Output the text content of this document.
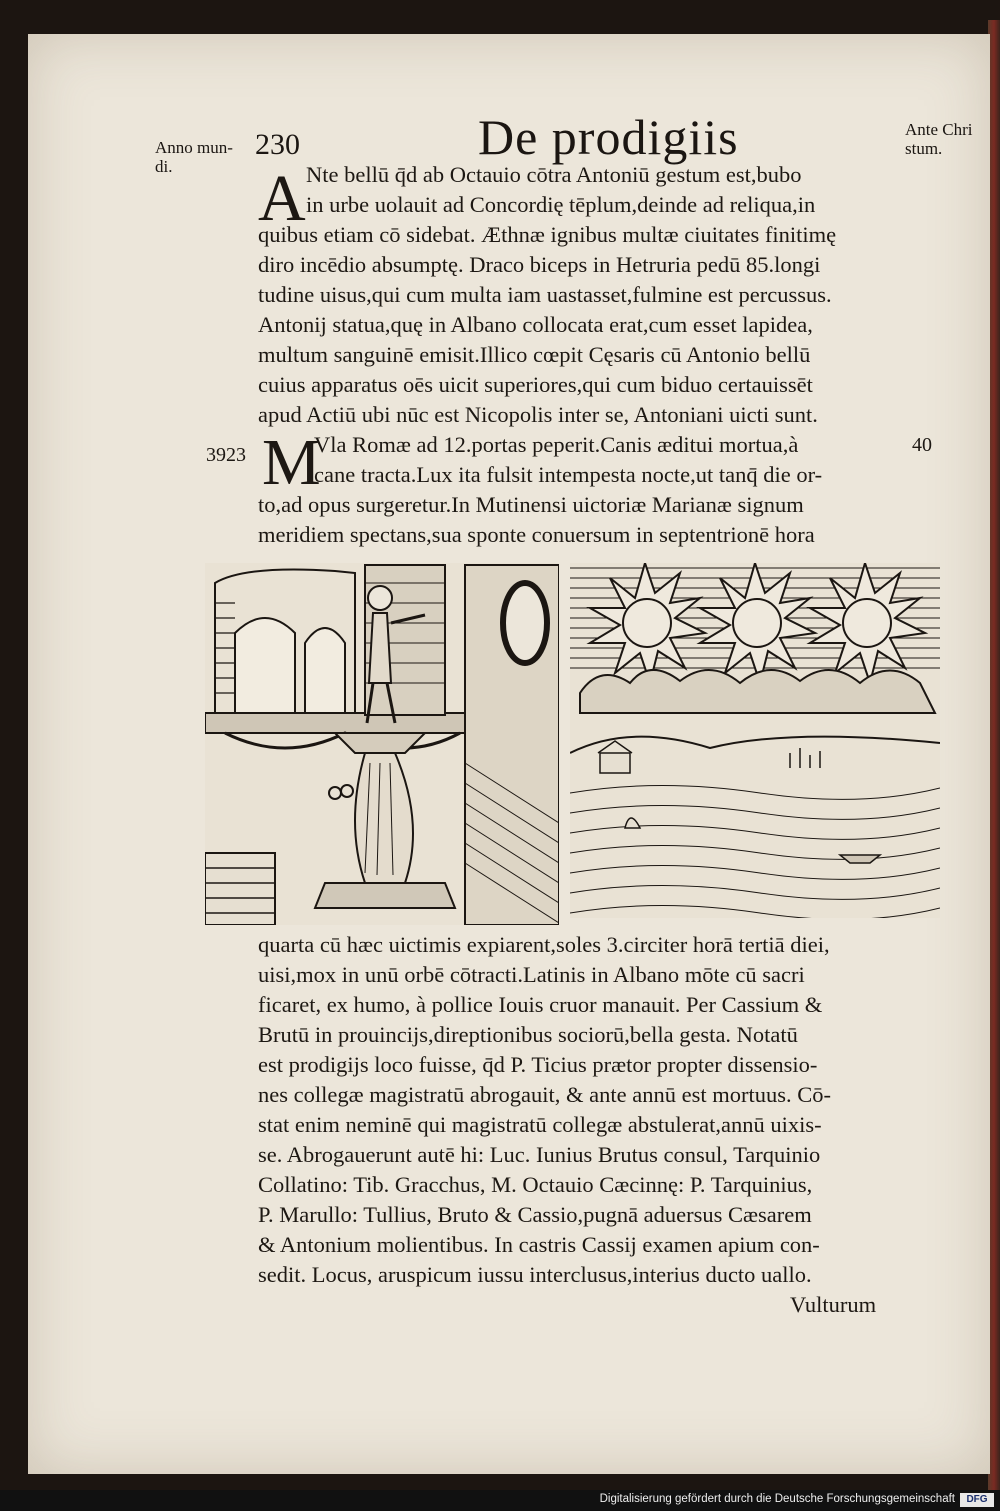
Anno mun-
di.
230	De prodigiis	Ante Chri
stum.
A Nte bellū q̄d ab Octauio cōtra Antoniū gestum est,bubo
in urbe uolauit ad Concordię tēplum,deinde ad reliqua,in
quibus etiam cō sidebat. Æthnæ ignibus multæ ciuitates finitimę
diro incēdio absumptę. Draco biceps in Hetruria pedū 85.longi
tudine uisus,qui cum multa iam uastasset,fulmine est percussus.
Antonij statua,quę in Albano collocata erat,cum esset lapidea,
multum sanguinē emisit.Illico cœpit Cęsaris cū Antonio bellū
cuius apparatus oēs uicit superiores,qui cum biduo certauissēt
apud Actiū ubi nūc est Nicopolis inter se, Antoniani uicti sunt.
3923	40
M
Vla Romæ ad 12.portas peperit.Canis æditui mortua,à
cane tracta.Lux ita fulsit intempesta nocte,ut tanq̄ die or-
to,ad opus surgeretur.In Mutinensi uictoriæ Marianæ signum
meridiem spectans,sua sponte conuersum in septentrionē hora
quarta cū hæc uictimis expiarent,soles 3.circiter horā tertiā diei,
uisi,mox in unū orbē cōtracti.Latinis in Albano mōte cū sacri
ficaret, ex humo, à pollice Iouis cruor manauit. Per Cassium &
Brutū in prouincijs,direptionibus sociorū,bella gesta. Notatū
est prodigijs loco fuisse, q̄d P. Ticius prætor propter dissensio-
nes collegæ magistratū abrogauit, & ante annū est mortuus. Cō-
stat enim neminē qui magistratū collegæ abstulerat,annū uixis-
se. Abrogauerunt autē hi: Luc. Iunius Brutus consul, Tarquinio
Collatino: Tib. Gracchus, M. Octauio Cæcinnę: P. Tarquinius,
P. Marullo: Tullius, Bruto & Cassio,pugnā aduersus Cæsarem
& Antonium molientibus. In castris Cassij examen apium con-
sedit. Locus, aruspicum iussu interclusus,interius ducto uallo.
Vulturum
Digitalisierung gefördert durch die Deutsche Forschungsgemeinschaft	DFG
